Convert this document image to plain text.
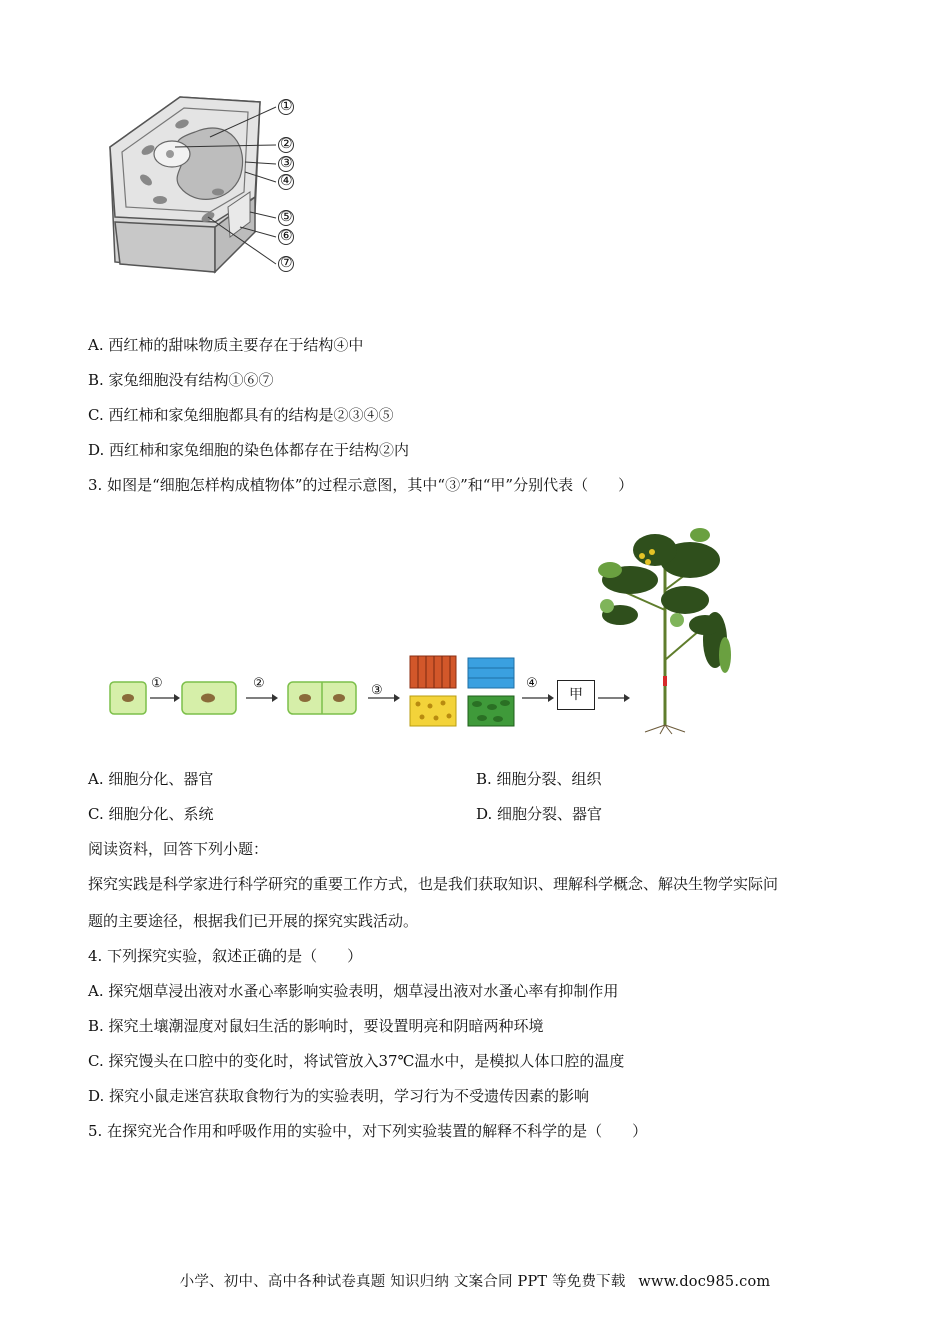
①
②
③
④
⑤
⑥
⑦
A. 西红柿的甜味物质主要存在于结构④中
B. 家兔细胞没有结构①⑥⑦
C. 西红柿和家兔细胞都具有的结构是②③④⑤
D. 西红柿和家兔细胞的染色体都存在于结构②内
3. 如图是“细胞怎样构成植物体”的过程示意图，其中“③”和“甲”分别代表（　　）
①	②	③	④
甲
A. 细胞分化、器官	B. 细胞分裂、组织
C. 细胞分化、系统	D. 细胞分裂、器官
阅读资料，回答下列小题：
探究实践是科学家进行科学研究的重要工作方式，也是我们获取知识、理解科学概念、解决生物学实际问
题的主要途径，根据我们已开展的探究实践活动。
4. 下列探究实验，叙述正确的是（　　）
A. 探究烟草浸出液对水蚤心率影响实验表明，烟草浸出液对水蚤心率有抑制作用
B. 探究土壤潮湿度对鼠妇生活的影响时，要设置明亮和阴暗两种环境
C. 探究馒头在口腔中的变化时，将试管放入37℃温水中，是模拟人体口腔的温度
D. 探究小鼠走迷宫获取食物行为的实验表明，学习行为不受遗传因素的影响
5. 在探究光合作用和呼吸作用的实验中，对下列实验装置的解释不科学的是（　　）
小学、初中、高中各种试卷真题 知识归纳 文案合同 PPT 等免费下载 www.doc985.com
